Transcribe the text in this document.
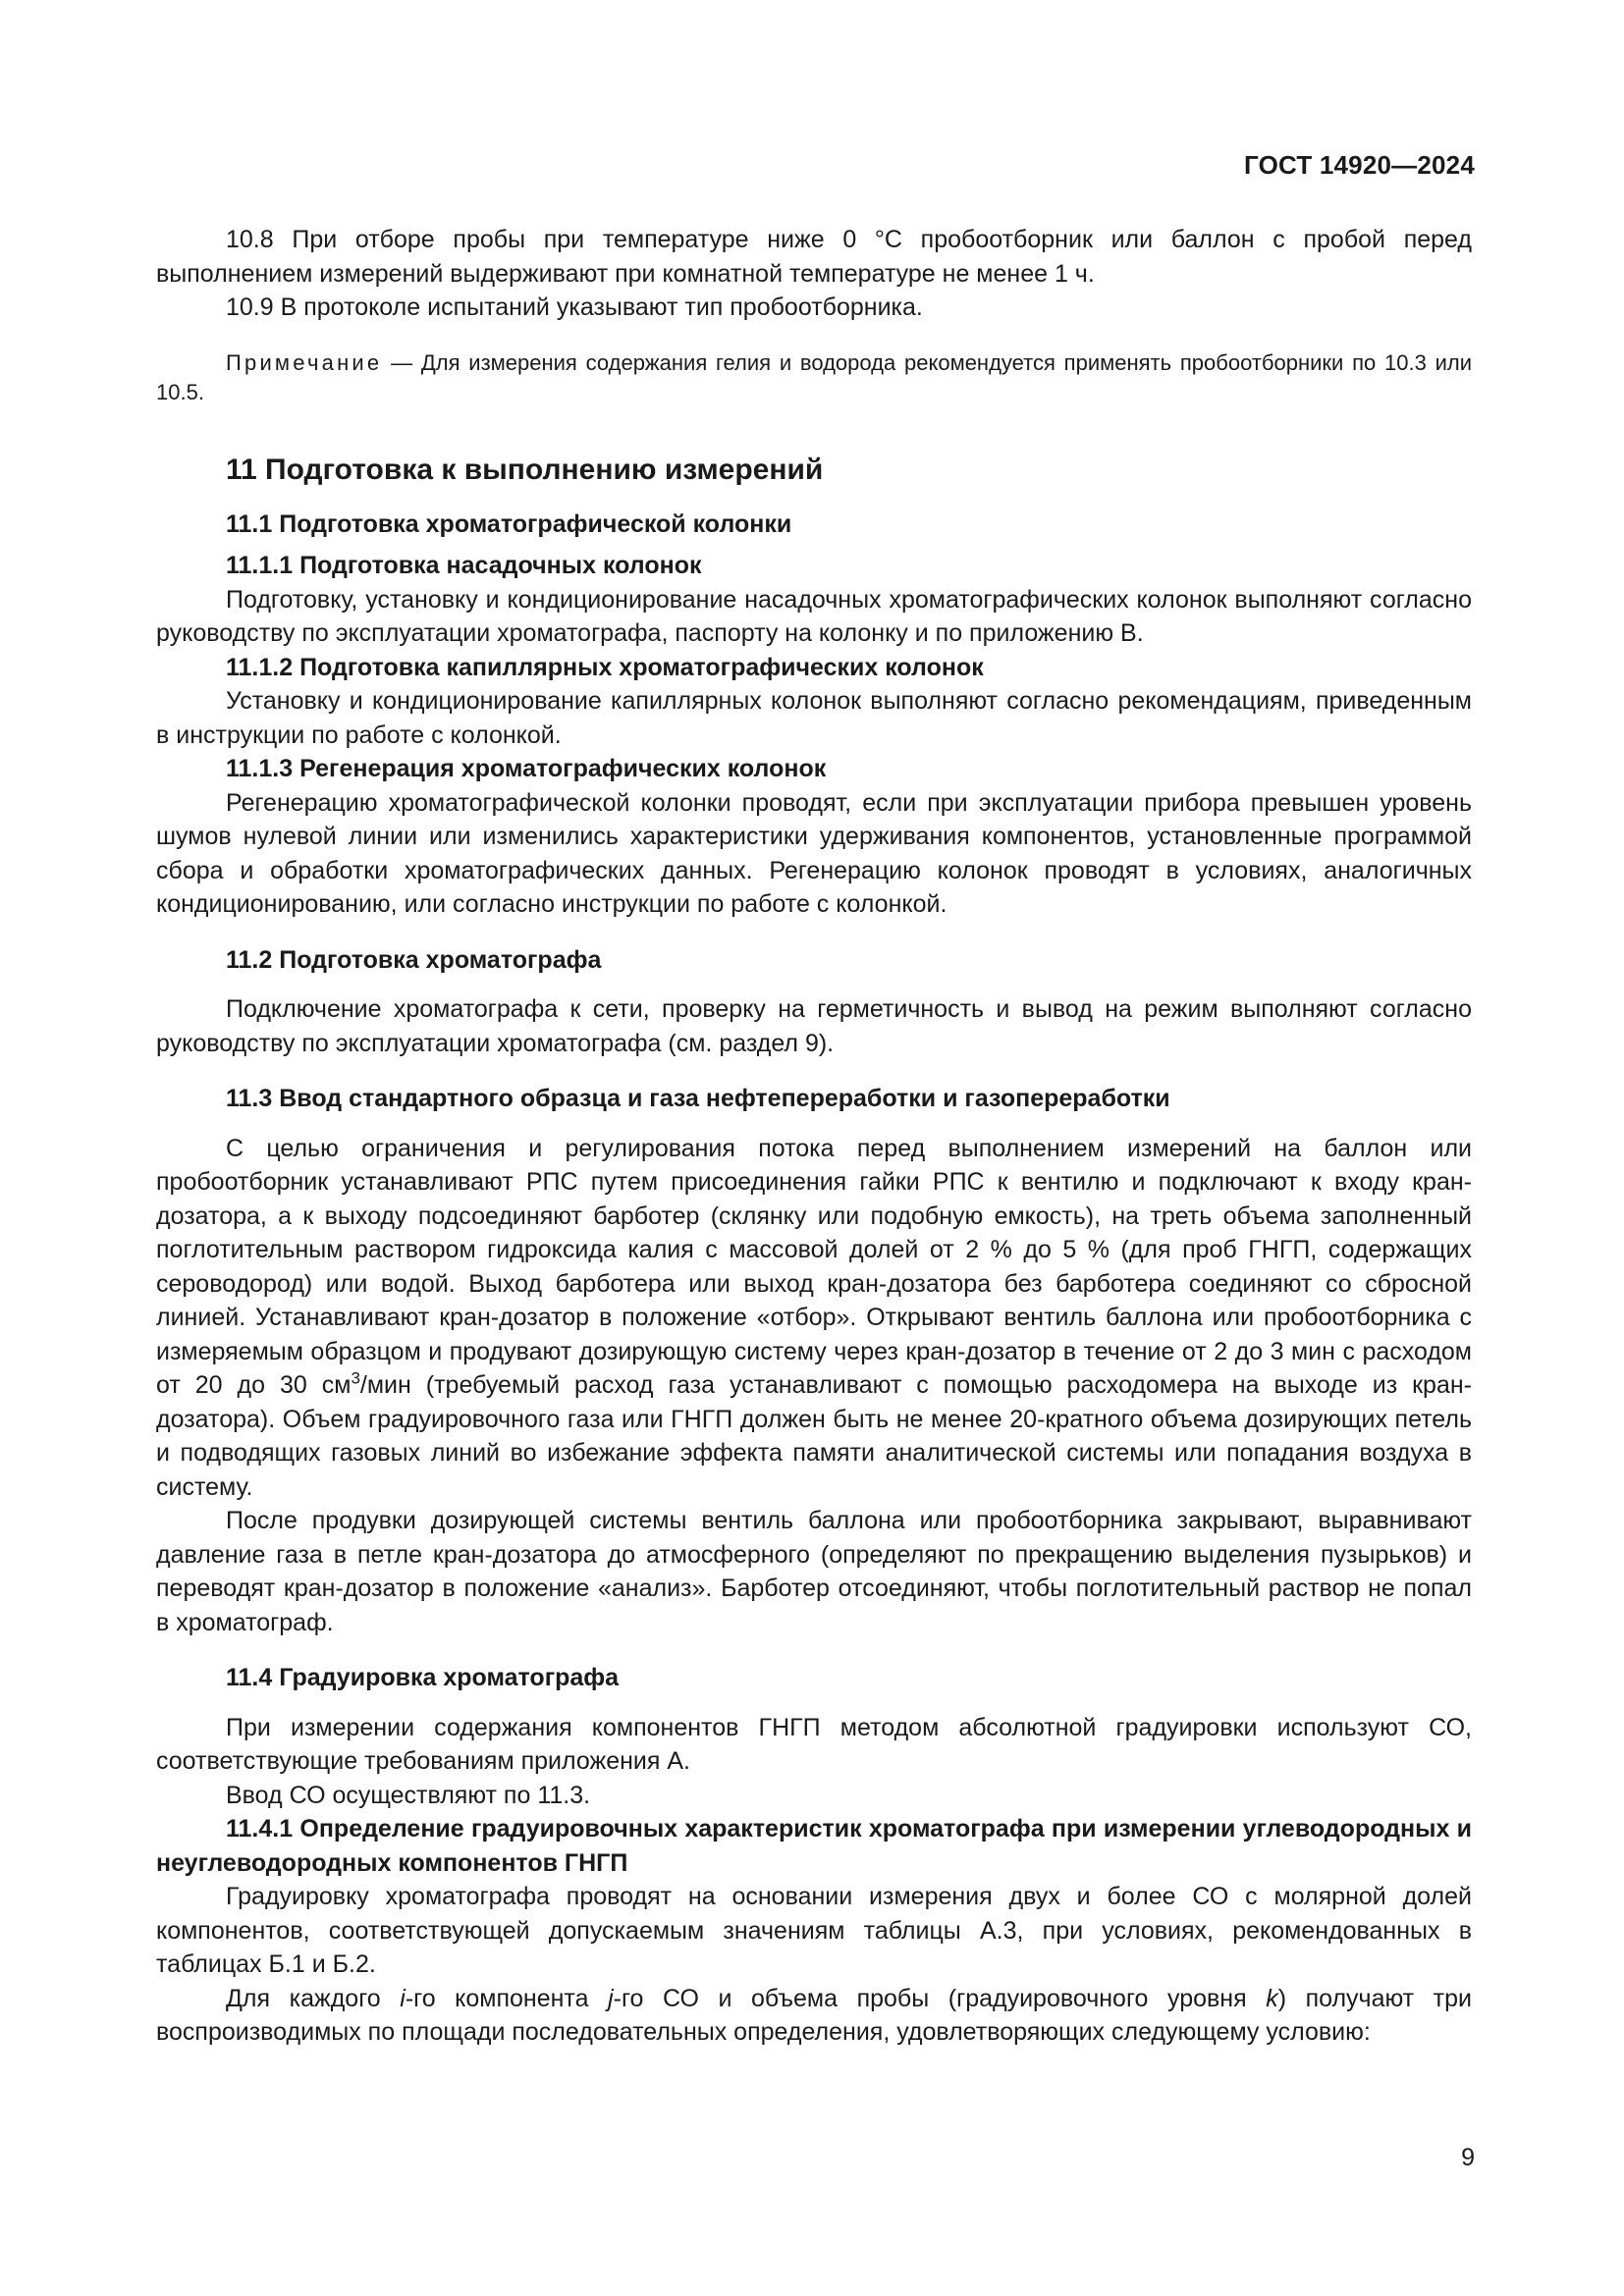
ГОСТ 14920—2024

10.8 При отборе пробы при температуре ниже 0 °C пробоотборник или баллон с пробой перед выполнением измерений выдерживают при комнатной температуре не менее 1 ч.

10.9 В протоколе испытаний указывают тип пробоотборника.

Примечание — Для измерения содержания гелия и водорода рекомендуется применять пробоотборники по 10.3 или 10.5.

11 Подготовка к выполнению измерений
11.1 Подготовка хроматографической колонки

11.1.1 Подготовка насадочных колонок

Подготовку, установку и кондиционирование насадочных хроматографических колонок выполняют согласно руководству по эксплуатации хроматографа, паспорту на колонку и по приложению В.

11.1.2 Подготовка капиллярных хроматографических колонок

Установку и кондиционирование капиллярных колонок выполняют согласно рекомендациям, приведенным в инструкции по работе с колонкой.

11.1.3 Регенерация хроматографических колонок

Регенерацию хроматографической колонки проводят, если при эксплуатации прибора превышен уровень шумов нулевой линии или изменились характеристики удерживания компонентов, установленные программой сбора и обработки хроматографических данных. Регенерацию колонок проводят в условиях, аналогичных кондиционированию, или согласно инструкции по работе с колонкой.

11.2 Подготовка хроматографа

Подключение хроматографа к сети, проверку на герметичность и вывод на режим выполняют согласно руководству по эксплуатации хроматографа (см. раздел 9).

11.3 Ввод стандартного образца и газа нефтепереработки и газопереработки

С целью ограничения и регулирования потока перед выполнением измерений на баллон или пробоотборник устанавливают РПС путем присоединения гайки РПС к вентилю и подключают к входу кран-дозатора, а к выходу подсоединяют барботер (склянку или подобную емкость), на треть объема заполненный поглотительным раствором гидроксида калия с массовой долей от 2 % до 5 % (для проб ГНГП, содержащих сероводород) или водой. Выход барботера или выход кран-дозатора без барботера соединяют со сбросной линией. Устанавливают кран-дозатор в положение «отбор». Открывают вентиль баллона или пробоотборника с измеряемым образцом и продувают дозирующую систему через кран-дозатор в течение от 2 до 3 мин с расходом от 20 до 30 $см^3$/мин (требуемый расход газа устанавливают с помощью расходомера на выходе из кран-дозатора). Объем градуировочного газа или ГНГП должен быть не менее 20-кратного объема дозирующих петель и подводящих газовых линий во избежание эффекта памяти аналитической системы или попадания воздуха в систему.

После продувки дозирующей системы вентиль баллона или пробоотборника закрывают, выравнивают давление газа в петле кран-дозатора до атмосферного (определяют по прекращению выделения пузырьков) и переводят кран-дозатор в положение «анализ». Барботер отсоединяют, чтобы поглотительный раствор не попал в хроматограф.

11.4 Градуировка хроматографа

При измерении содержания компонентов ГНГП методом абсолютной градуировки используют СО, соответствующие требованиям приложения А.

Ввод СО осуществляют по 11.3.

11.4.1 Определение градуировочных характеристик хроматографа при измерении углеводородных и неуглеводородных компонентов ГНГП

Градуировку хроматографа проводят на основании измерения двух и более СО с молярной долей компонентов, соответствующей допускаемым значениям таблицы А.3, при условиях, рекомендованных в таблицах Б.1 и Б.2.

Для каждого i-го компонента j-го СО и объема пробы (градуировочного уровня k) получают три воспроизводимых по площади последовательных определения, удовлетворяющих следующему условию:

9
